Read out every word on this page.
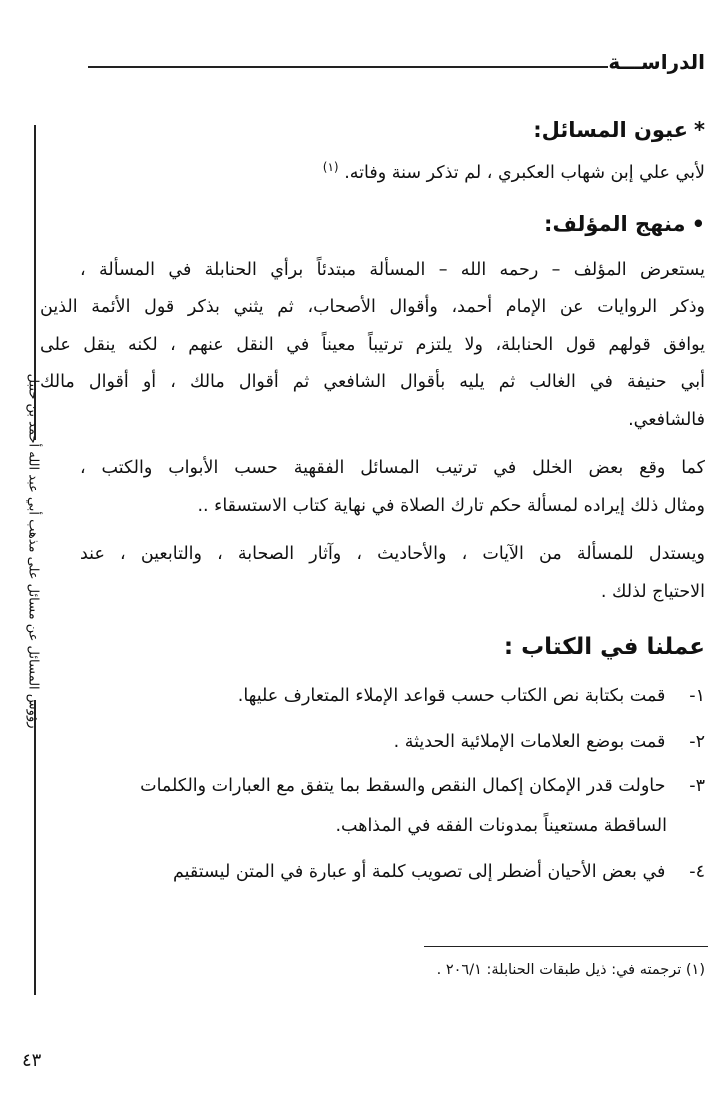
الدراســـة
رؤوس المسائل عن مسائل على مذهب أبي عبد الله أحمد بن حنبل
*عيون المسائل:
لأبي علي إبن شهاب العكبري ، لم تذكر سنة وفاته. $^{(١)}$
•منهج المؤلف:
يستعرض المؤلف – رحمه الله – المسألة مبتدئاً برأي الحنابلة في المسألة ،
وذكر الروايات عن الإمام أحمد، وأقوال الأصحاب، ثم يثني بذكر قول الأئمة الذين
يوافق قولهم قول الحنابلة، ولا يلتزم ترتيباً معيناً في النقل عنهم ، لكنه ينقل على
أبي حنيفة في الغالب ثم يليه بأقوال الشافعي ثم أقوال مالك ، أو أقوال مالك
فالشافعي.
كما وقع بعض الخلل في ترتيب المسائل الفقهية حسب الأبواب والكتب ،
ومثال ذلك إيراده لمسألة حكم تارك الصلاة في نهاية كتاب الاستسقاء ..
ويستدل للمسألة من الآيات ، والأحاديث ، وآثار الصحابة ، والتابعين ، عند
الاحتياج لذلك .
عملنا في الكتاب :
١- قمت بكتابة نص الكتاب حسب قواعد الإملاء المتعارف عليها.
٢- قمت بوضع العلامات الإملائية الحديثة .
٣- حاولت قدر الإمكان إكمال النقص والسقط بما يتفق مع العبارات والكلمات
الساقطة مستعيناً بمدونات الفقه في المذاهب.
٤- في بعض الأحيان أضطر إلى تصويب كلمة أو عبارة في المتن ليستقيم
(١) ترجمته في: ذيل طبقات الحنابلة: ٢٠٦/١ .
٤٣
